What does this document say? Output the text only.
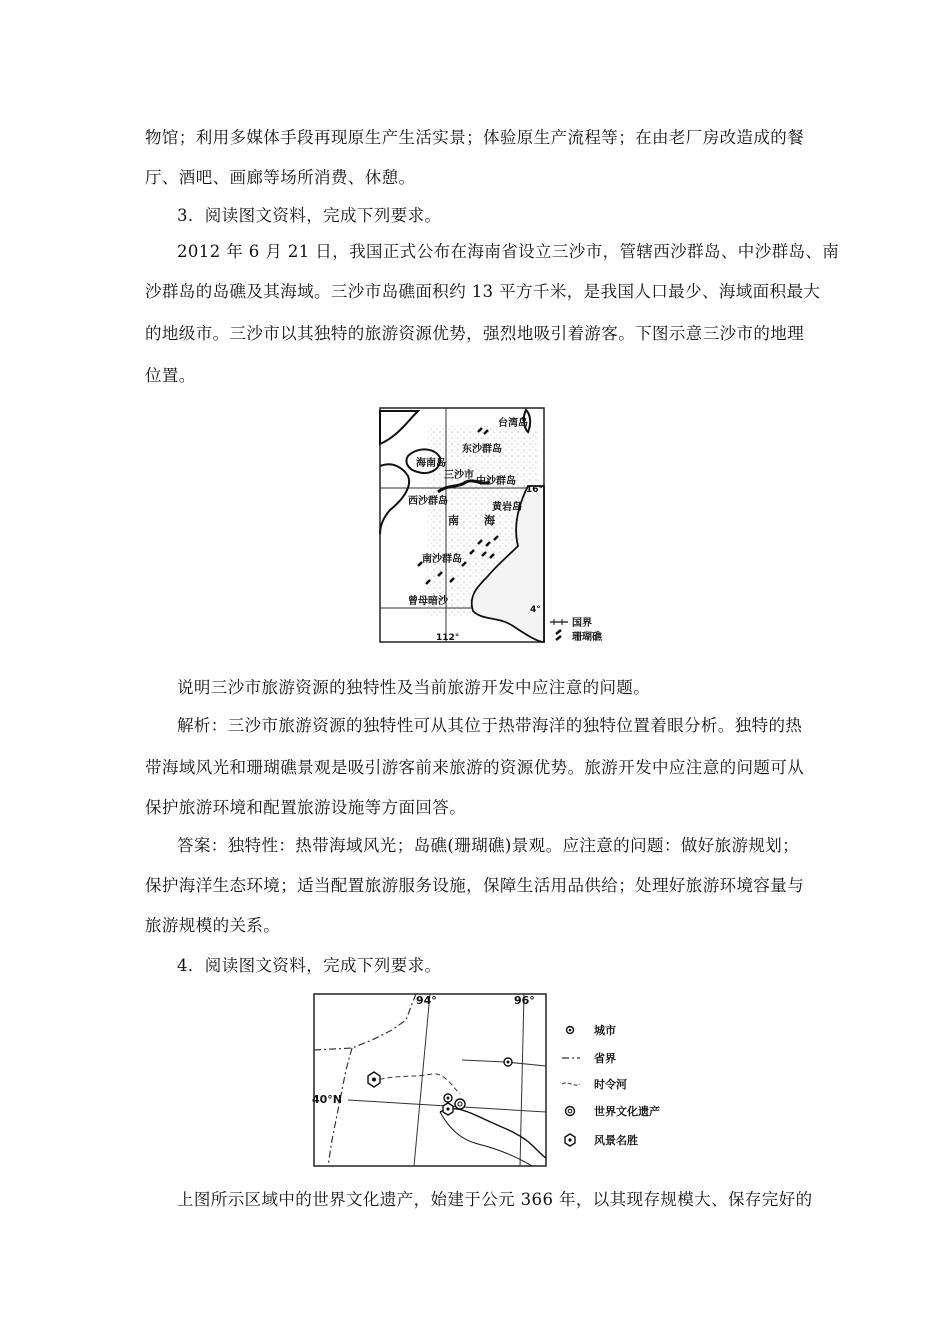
物馆；利用多媒体手段再现原生产生活实景；体验原生产流程等；在由老厂房改造成的餐
厅、酒吧、画廊等场所消费、休憩。
3．阅读图文资料，完成下列要求。
2012 年 6 月 21 日，我国正式公布在海南省设立三沙市，管辖西沙群岛、中沙群岛、南
沙群岛的岛礁及其海域。三沙市岛礁面积约 13 平方千米，是我国人口最少、海域面积最大
的地级市。三沙市以其独特的旅游资源优势，强烈地吸引着游客。下图示意三沙市的地理
位置。
台湾岛
东沙群岛
海南岛
三沙市
中沙群岛
西沙群岛
黄岩岛
南 海
南沙群岛
曾母暗沙
16°
4°
112°
国界
珊瑚礁
说明三沙市旅游资源的独特性及当前旅游开发中应注意的问题。
解析：三沙市旅游资源的独特性可从其位于热带海洋的独特位置着眼分析。独特的热
带海域风光和珊瑚礁景观是吸引游客前来旅游的资源优势。旅游开发中应注意的问题可从
保护旅游环境和配置旅游设施等方面回答。
答案：独特性：热带海域风光；岛礁(珊瑚礁)景观。应注意的问题：做好旅游规划；
保护海洋生态环境；适当配置旅游服务设施，保障生活用品供给；处理好旅游环境容量与
旅游规模的关系。
4．阅读图文资料，完成下列要求。
94°	96°
40°N
城市
省界
时令河
世界文化遗产
风景名胜
上图所示区域中的世界文化遗产，始建于公元 366 年，以其现存规模大、保存完好的
